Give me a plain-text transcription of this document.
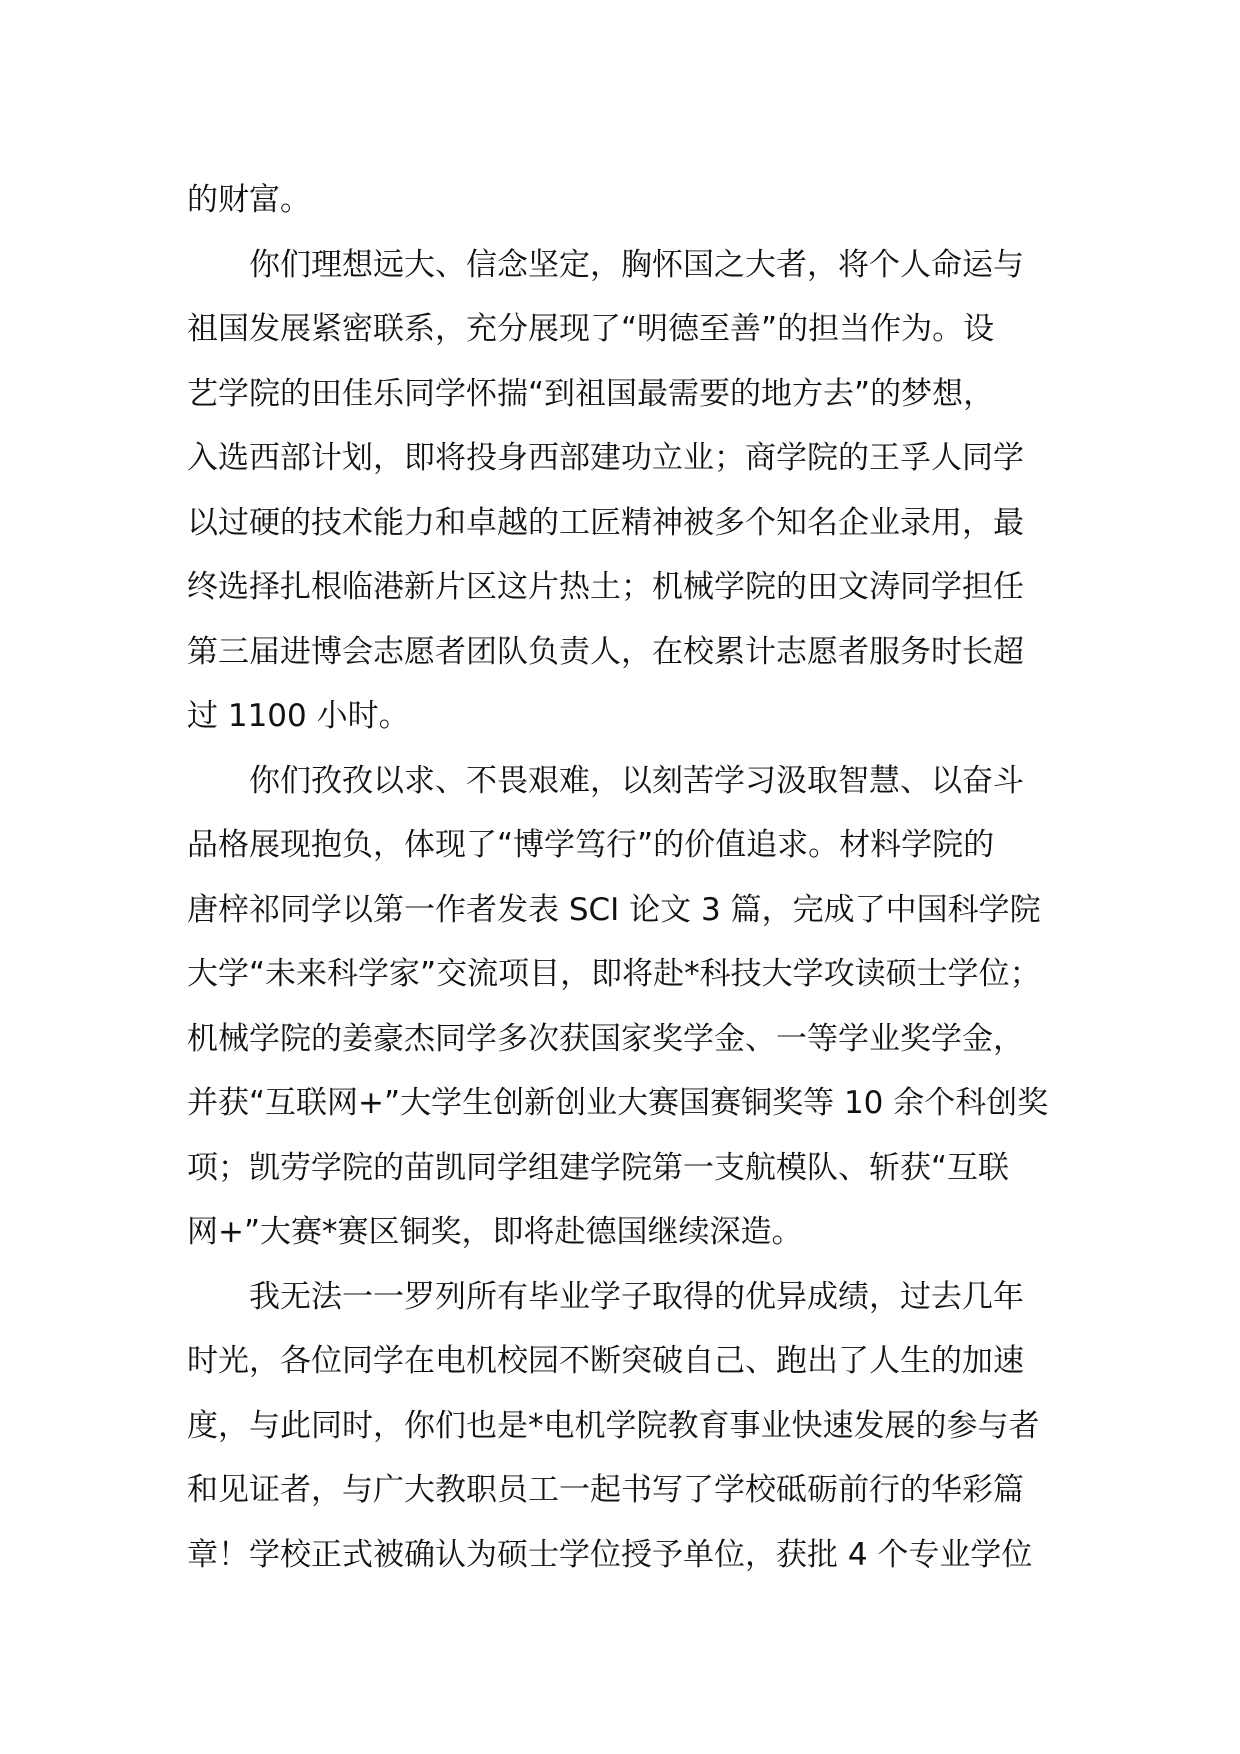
的财富。
你们理想远大、信念坚定，胸怀国之大者，将个人命运与
祖国发展紧密联系，充分展现了“明德至善”的担当作为。设
艺学院的田佳乐同学怀揣“到祖国最需要的地方去”的梦想，
入选西部计划，即将投身西部建功立业；商学院的王孚人同学
以过硬的技术能力和卓越的工匠精神被多个知名企业录用，最
终选择扎根临港新片区这片热土；机械学院的田文涛同学担任
第三届进博会志愿者团队负责人，在校累计志愿者服务时长超
过 1100 小时。
你们孜孜以求、不畏艰难，以刻苦学习汲取智慧、以奋斗
品格展现抱负，体现了“博学笃行”的价值追求。材料学院的
唐梓祁同学以第一作者发表 SCI 论文 3 篇，完成了中国科学院
大学“未来科学家”交流项目，即将赴*科技大学攻读硕士学位；
机械学院的姜豪杰同学多次获国家奖学金、一等学业奖学金，
并获“互联网+”大学生创新创业大赛国赛铜奖等 10 余个科创奖
项；凯劳学院的苗凯同学组建学院第一支航模队、斩获“互联
网+”大赛*赛区铜奖，即将赴德国继续深造。
我无法一一罗列所有毕业学子取得的优异成绩，过去几年
时光，各位同学在电机校园不断突破自己、跑出了人生的加速
度，与此同时，你们也是*电机学院教育事业快速发展的参与者
和见证者，与广大教职员工一起书写了学校砥砺前行的华彩篇
章！学校正式被确认为硕士学位授予单位，获批 4 个专业学位
